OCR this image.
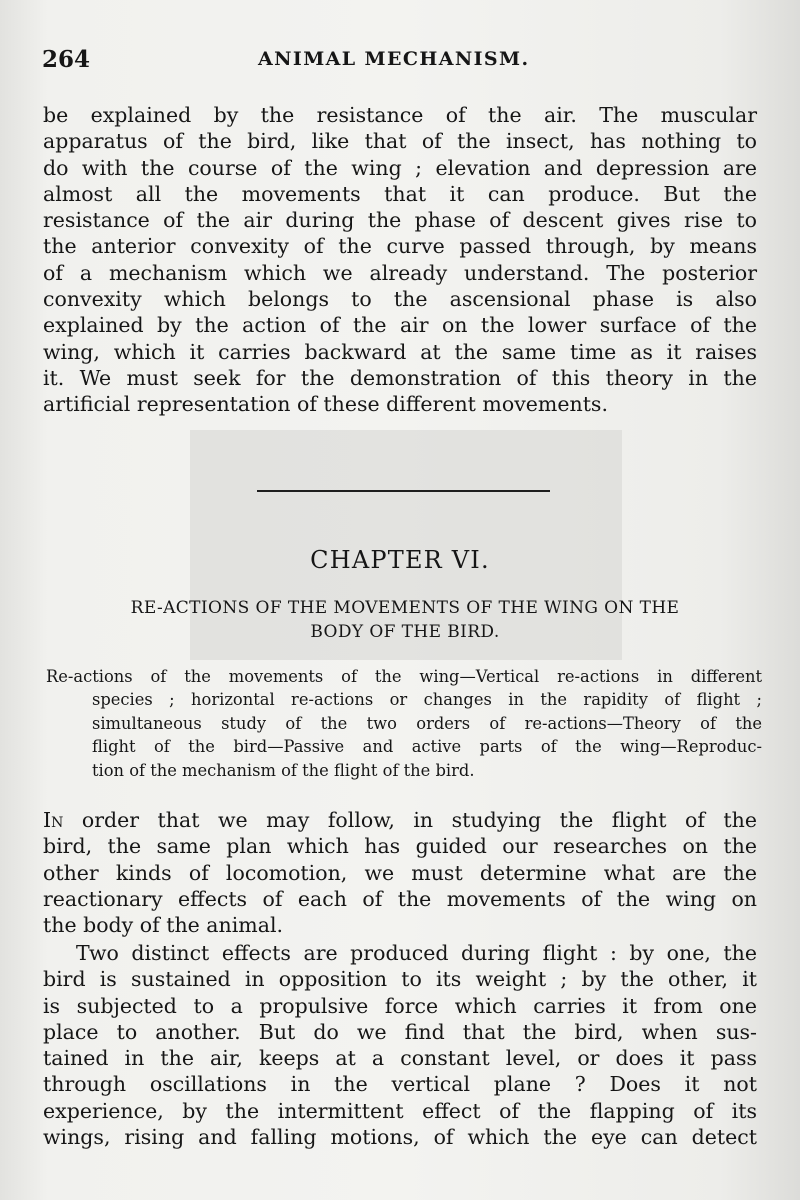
264	ANIMAL MECHANISM.
be explained by the resistance of the air. The muscular
apparatus of the bird, like that of the insect, has nothing to
do with the course of the wing ; elevation and depression are
almost all the movements that it can produce. But the
resistance of the air during the phase of descent gives rise to
the anterior convexity of the curve passed through, by means
of a mechanism which we already understand. The posterior
convexity which belongs to the ascensional phase is also
explained by the action of the air on the lower surface of the
wing, which it carries backward at the same time as it raises
it. We must seek for the demonstration of this theory in the
artificial representation of these different movements.
CHAPTER VI.
RE-ACTIONS OF THE MOVEMENTS OF THE WING ON THE
BODY OF THE BIRD.
Re-actions of the movements of the wing—Vertical re-actions in different
species ; horizontal re-actions or changes in the rapidity of flight ;
simultaneous study of the two orders of re-actions—Theory of the
flight of the bird—Passive and active parts of the wing—Reproduc-
tion of the mechanism of the flight of the bird.
In order that we may follow, in studying the flight of the
bird, the same plan which has guided our researches on the
other kinds of locomotion, we must determine what are the
reactionary effects of each of the movements of the wing on
the body of the animal.
Two distinct effects are produced during flight : by one, the
bird is sustained in opposition to its weight ; by the other, it
is subjected to a propulsive force which carries it from one
place to another. But do we find that the bird, when sus-
tained in the air, keeps at a constant level, or does it pass
through oscillations in the vertical plane ? Does it not
experience, by the intermittent effect of the flapping of its
wings, rising and falling motions, of which the eye can detect
